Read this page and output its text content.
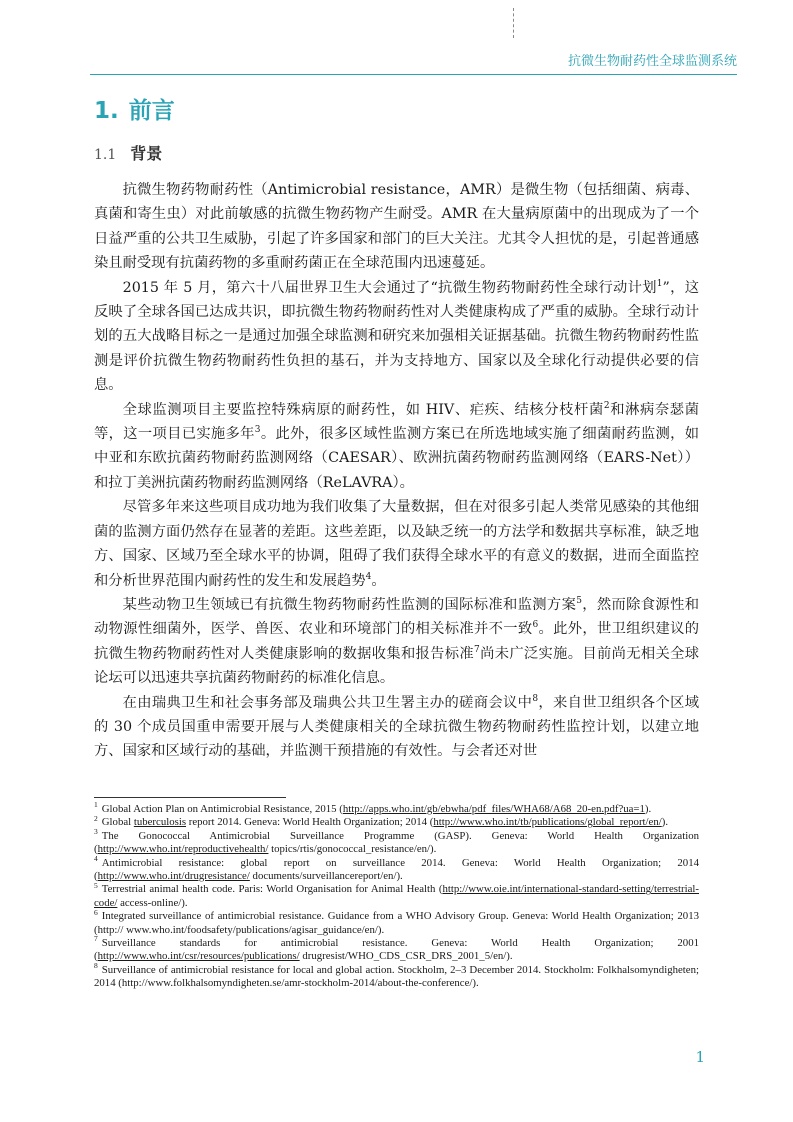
抗微生物耐药性全球监测系统
1. 前言
1.1 背景

抗微生物药物耐药性（Antimicrobial resistance，AMR）是微生物（包括细菌、病毒、真菌和寄生虫）对此前敏感的抗微生物药物产生耐受。AMR 在大量病原菌中的出现成为了一个日益严重的公共卫生威胁，引起了许多国家和部门的巨大关注。尤其令人担忧的是，引起普通感染且耐受现有抗菌药物的多重耐药菌正在全球范围内迅速蔓延。

2015 年 5 月，第六十八届世界卫生大会通过了“抗微生物药物耐药性全球行动计划$^1$”，这反映了全球各国已达成共识，即抗微生物药物耐药性对人类健康构成了严重的威胁。全球行动计划的五大战略目标之一是通过加强全球监测和研究来加强相关证据基础。抗微生物药物耐药性监测是评价抗微生物药物耐药性负担的基石，并为支持地方、国家以及全球化行动提供必要的信息。

全球监测项目主要监控特殊病原的耐药性，如 HIV、疟疾、结核分枝杆菌$^2$和淋病奈瑟菌等，这一项目已实施多年$^3$。此外，很多区域性监测方案已在所选地域实施了细菌耐药监测，如中亚和东欧抗菌药物耐药监测网络（CAESAR）、欧洲抗菌药物耐药监测网络（EARS-Net））和拉丁美洲抗菌药物耐药监测网络（ReLAVRA）。

尽管多年来这些项目成功地为我们收集了大量数据，但在对很多引起人类常见感染的其他细菌的监测方面仍然存在显著的差距。这些差距，以及缺乏统一的方法学和数据共享标准，缺乏地方、国家、区域乃至全球水平的协调，阻碍了我们获得全球水平的有意义的数据，进而全面监控和分析世界范围内耐药性的发生和发展趋势$^4$。

某些动物卫生领域已有抗微生物药物耐药性监测的国际标准和监测方案$^5$，然而除食源性和动物源性细菌外，医学、兽医、农业和环境部门的相关标准并不一致$^6$。此外，世卫组织建议的抗微生物药物耐药性对人类健康影响的数据收集和报告标准$^7$尚未广泛实施。目前尚无相关全球论坛可以迅速共享抗菌药物耐药的标准化信息。

在由瑞典卫生和社会事务部及瑞典公共卫生署主办的磋商会议中$^8$，来自世卫组织各个区域的 30 个成员国重申需要开展与人类健康相关的全球抗微生物药物耐药性监控计划，以建立地方、国家和区域行动的基础，并监测干预措施的有效性。与会者还对世

$^1$ Global Action Plan on Antimicrobial Resistance, 2015 (http://apps.who.int/gb/ebwha/pdf_files/WHA68/A68_20-en.pdf?ua=1).
$^2$ Global tuberculosis report 2014. Geneva: World Health Organization; 2014 (http://www.who.int/tb/publications/global_report/en/).
$^3$ The Gonococcal Antimicrobial Surveillance Programme (GASP). Geneva: World Health Organization (http://www.who.int/reproductivehealth/ topics/rtis/gonococcal_resistance/en/).
$^4$ Antimicrobial resistance: global report on surveillance 2014. Geneva: World Health Organization; 2014 (http://www.who.int/drugresistance/ documents/surveillancereport/en/).
$^5$ Terrestrial animal health code. Paris: World Organisation for Animal Health (http://www.oie.int/international-standard-setting/terrestrial-code/ access-online/).
$^6$ Integrated surveillance of antimicrobial resistance. Guidance from a WHO Advisory Group. Geneva: World Health Organization; 2013 (http:// www.who.int/foodsafety/publications/agisar_guidance/en/).
$^7$ Surveillance standards for antimicrobial resistance. Geneva: World Health Organization; 2001 (http://www.who.int/csr/resources/publications/ drugresist/WHO_CDS_CSR_DRS_2001_5/en/).
$^8$ Surveillance of antimicrobial resistance for local and global action. Stockholm, 2–3 December 2014. Stockholm: Folkhalsomyndigheten; 2014 (http://www.folkhalsomyndigheten.se/amr-stockholm-2014/about-the-conference/).
1
